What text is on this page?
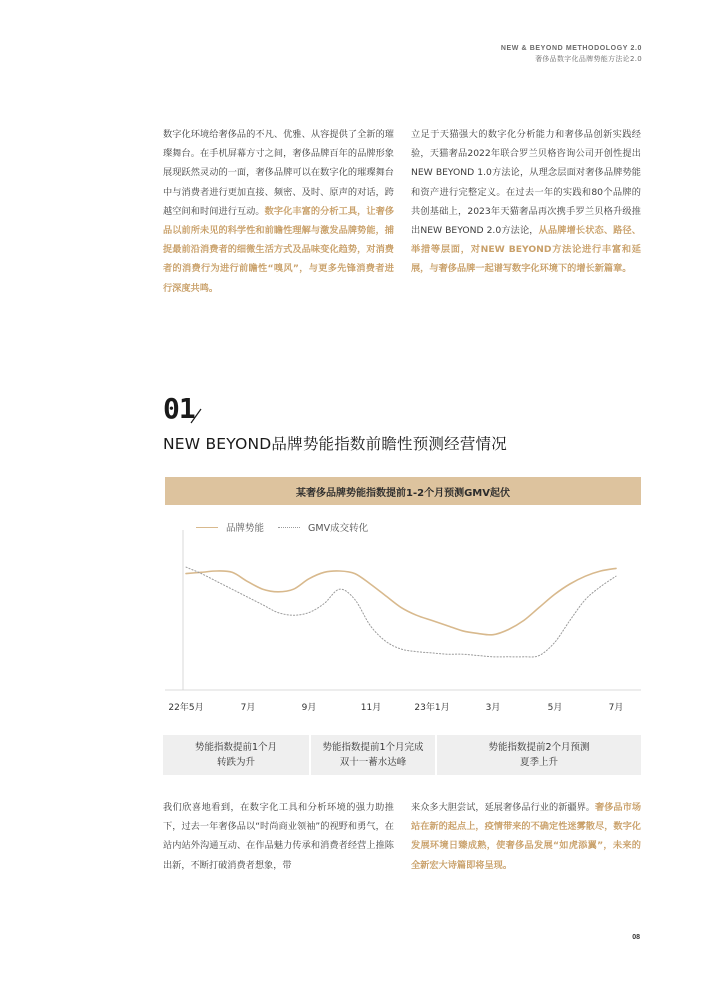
NEW & BEYOND METHODOLOGY 2.0
奢侈品数字化品牌势能方法论2.0
数字化环境给奢侈品的不凡、优雅、从容提供了全新的璀璨舞台。在手机屏幕方寸之间，奢侈品牌百年的品牌形象展现跃然灵动的一面，奢侈品牌可以在数字化的璀璨舞台中与消费者进行更加直接、频密、及时、原声的对话，跨越空间和时间进行互动。数字化丰富的分析工具，让奢侈品以前所未见的科学性和前瞻性理解与激发品牌势能，捕捉最前沿消费者的细微生活方式及品味变化趋势，对消费者的消费行为进行前瞻性“嗅风”，与更多先锋消费者进行深度共鸣。
立足于天猫强大的数字化分析能力和奢侈品创新实践经验，天猫奢品2022年联合罗兰贝格咨询公司开创性提出NEW BEYOND 1.0方法论，从理念层面对奢侈品牌势能和资产进行完整定义。在过去一年的实践和80个品牌的共创基础上，2023年天猫奢品再次携手罗兰贝格升级推出NEW BEYOND 2.0方法论，从品牌增长状态、路径、举措等层面，对NEW BEYOND方法论进行丰富和延展，与奢侈品牌一起谱写数字化环境下的增长新篇章。
01
NEW BEYOND品牌势能指数前瞻性预测经营情况
某奢侈品牌势能指数提前1-2个月预测GMV起伏
品牌势能	GMV成交转化
22年5月	7月	9月	11月	23年1月	3月	5月	7月
势能指数提前1个月
转跌为升
势能指数提前1个月完成
双十一蓄水达峰
势能指数提前2个月预测
夏季上升
我们欣喜地看到，在数字化工具和分析环境的强力助推下，过去一年奢侈品以“时尚商业领袖”的视野和勇气，在站内站外沟通互动、在作品魅力传承和消费者经营上推陈出新，不断打破消费者想象，带
来众多大胆尝试，延展奢侈品行业的新疆界。奢侈品市场站在新的起点上，疫情带来的不确定性迷雾散尽，数字化发展环境日臻成熟，使奢侈品发展“如虎添翼”，未来的全新宏大诗篇即将呈现。
08
